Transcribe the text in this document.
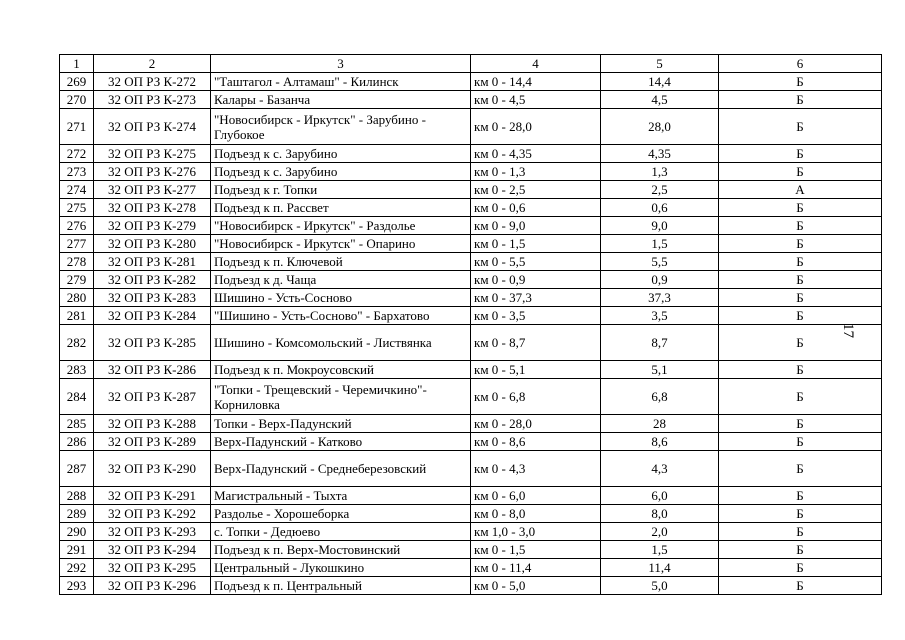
1	2	3	4	5	6
269	32 ОП РЗ К-272	"Таштагол - Алтамаш" - Килинск	км 0 - 14,4	14,4	Б
270	32 ОП РЗ К-273	Калары - Базанча	км 0 - 4,5	4,5	Б
271	32 ОП РЗ К-274	"Новосибирск - Иркутск" - Зарубино - Глубокое	км 0 - 28,0	28,0	Б
272	32 ОП РЗ К-275	Подъезд к с. Зарубино	км 0 - 4,35	4,35	Б
273	32 ОП РЗ К-276	Подъезд к с. Зарубино	км 0 - 1,3	1,3	Б
274	32 ОП РЗ К-277	Подъезд к г. Топки	км 0 - 2,5	2,5	А
275	32 ОП РЗ К-278	Подъезд к п. Рассвет	км 0 - 0,6	0,6	Б
276	32 ОП РЗ К-279	"Новосибирск - Иркутск" - Раздолье	км 0 - 9,0	9,0	Б
277	32 ОП РЗ К-280	"Новосибирск - Иркутск" - Опарино	км 0 - 1,5	1,5	Б
278	32 ОП РЗ К-281	Подъезд к п. Ключевой	км 0 - 5,5	5,5	Б
279	32 ОП РЗ К-282	Подъезд к д. Чаща	км 0 - 0,9	0,9	Б
280	32 ОП РЗ К-283	Шишино - Усть-Сосново	км 0 - 37,3	37,3	Б
281	32 ОП РЗ К-284	"Шишино - Усть-Сосново" - Бархатово	км 0 - 3,5	3,5	Б
282	32 ОП РЗ К-285	Шишино - Комсомольский - Листвянка	км 0 - 8,7	8,7	Б
283	32 ОП РЗ К-286	Подъезд к п. Мокроусовский	км 0 - 5,1	5,1	Б
284	32 ОП РЗ К-287	"Топки - Трещевский - Черемичкино"- Корниловка	км 0 - 6,8	6,8	Б
285	32 ОП РЗ К-288	Топки - Верх-Падунский	км 0 - 28,0	28	Б
286	32 ОП РЗ К-289	Верх-Падунский - Катково	км 0 - 8,6	8,6	Б
287	32 ОП РЗ К-290	Верх-Падунский - Среднеберезовский	км 0 - 4,3	4,3	Б
288	32 ОП РЗ К-291	Магистральный - Тыхта	км 0 - 6,0	6,0	Б
289	32 ОП РЗ К-292	Раздолье - Хорошеборка	км 0 - 8,0	8,0	Б
290	32 ОП РЗ К-293	с. Топки - Дедюево	км 1,0 - 3,0	2,0	Б
291	32 ОП РЗ К-294	Подъезд к п. Верх-Мостовинский	км 0 - 1,5	1,5	Б
292	32 ОП РЗ К-295	Центральный - Лукошкино	км 0 - 11,4	11,4	Б
293	32 ОП РЗ К-296	Подъезд к п. Центральный	км 0 - 5,0	5,0	Б
17
